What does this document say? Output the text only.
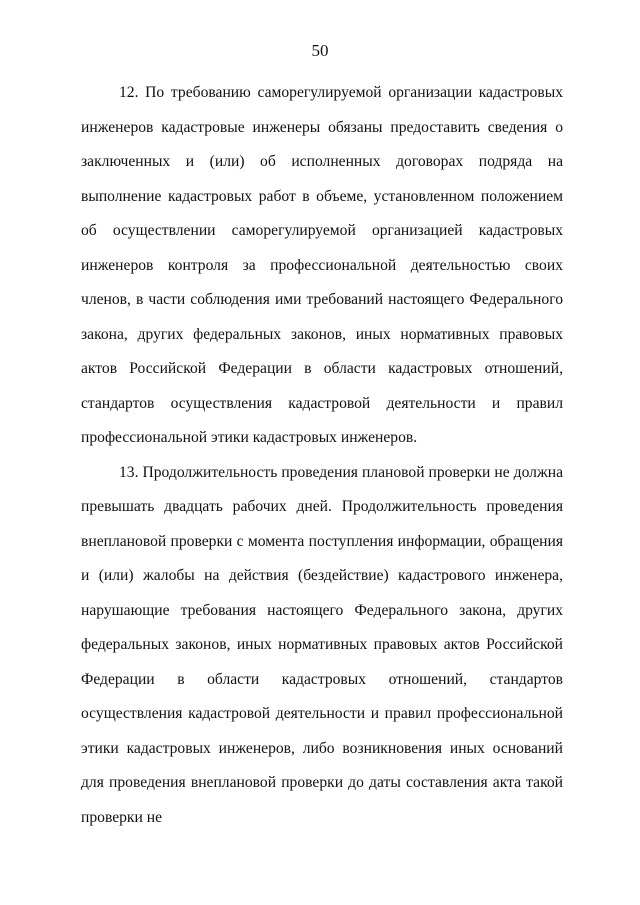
50

12. По требованию саморегулируемой организации кадастровых инженеров кадастровые инженеры обязаны предоставить сведения о заключенных и (или) об исполненных договорах подряда на выполнение кадастровых работ в объеме, установленном положением об осуществлении саморегулируемой организацией кадастровых инженеров контроля за профессиональной деятельностью своих членов, в части соблюдения ими требований настоящего Федерального закона, других федеральных законов, иных нормативных правовых актов Российской Федерации в области кадастровых отношений, стандартов осуществления кадастровой деятельности и правил профессиональной этики кадастровых инженеров.

13. Продолжительность проведения плановой проверки не должна превышать двадцать рабочих дней. Продолжительность проведения внеплановой проверки с момента поступления информации, обращения и (или) жалобы на действия (бездействие) кадастрового инженера, нарушающие требования настоящего Федерального закона, других федеральных законов, иных нормативных правовых актов Российской Федерации в области кадастровых отношений, стандартов осуществления кадастровой деятельности и правил профессиональной этики кадастровых инженеров, либо возникновения иных оснований для проведения внеплановой проверки до даты составления акта такой проверки не
